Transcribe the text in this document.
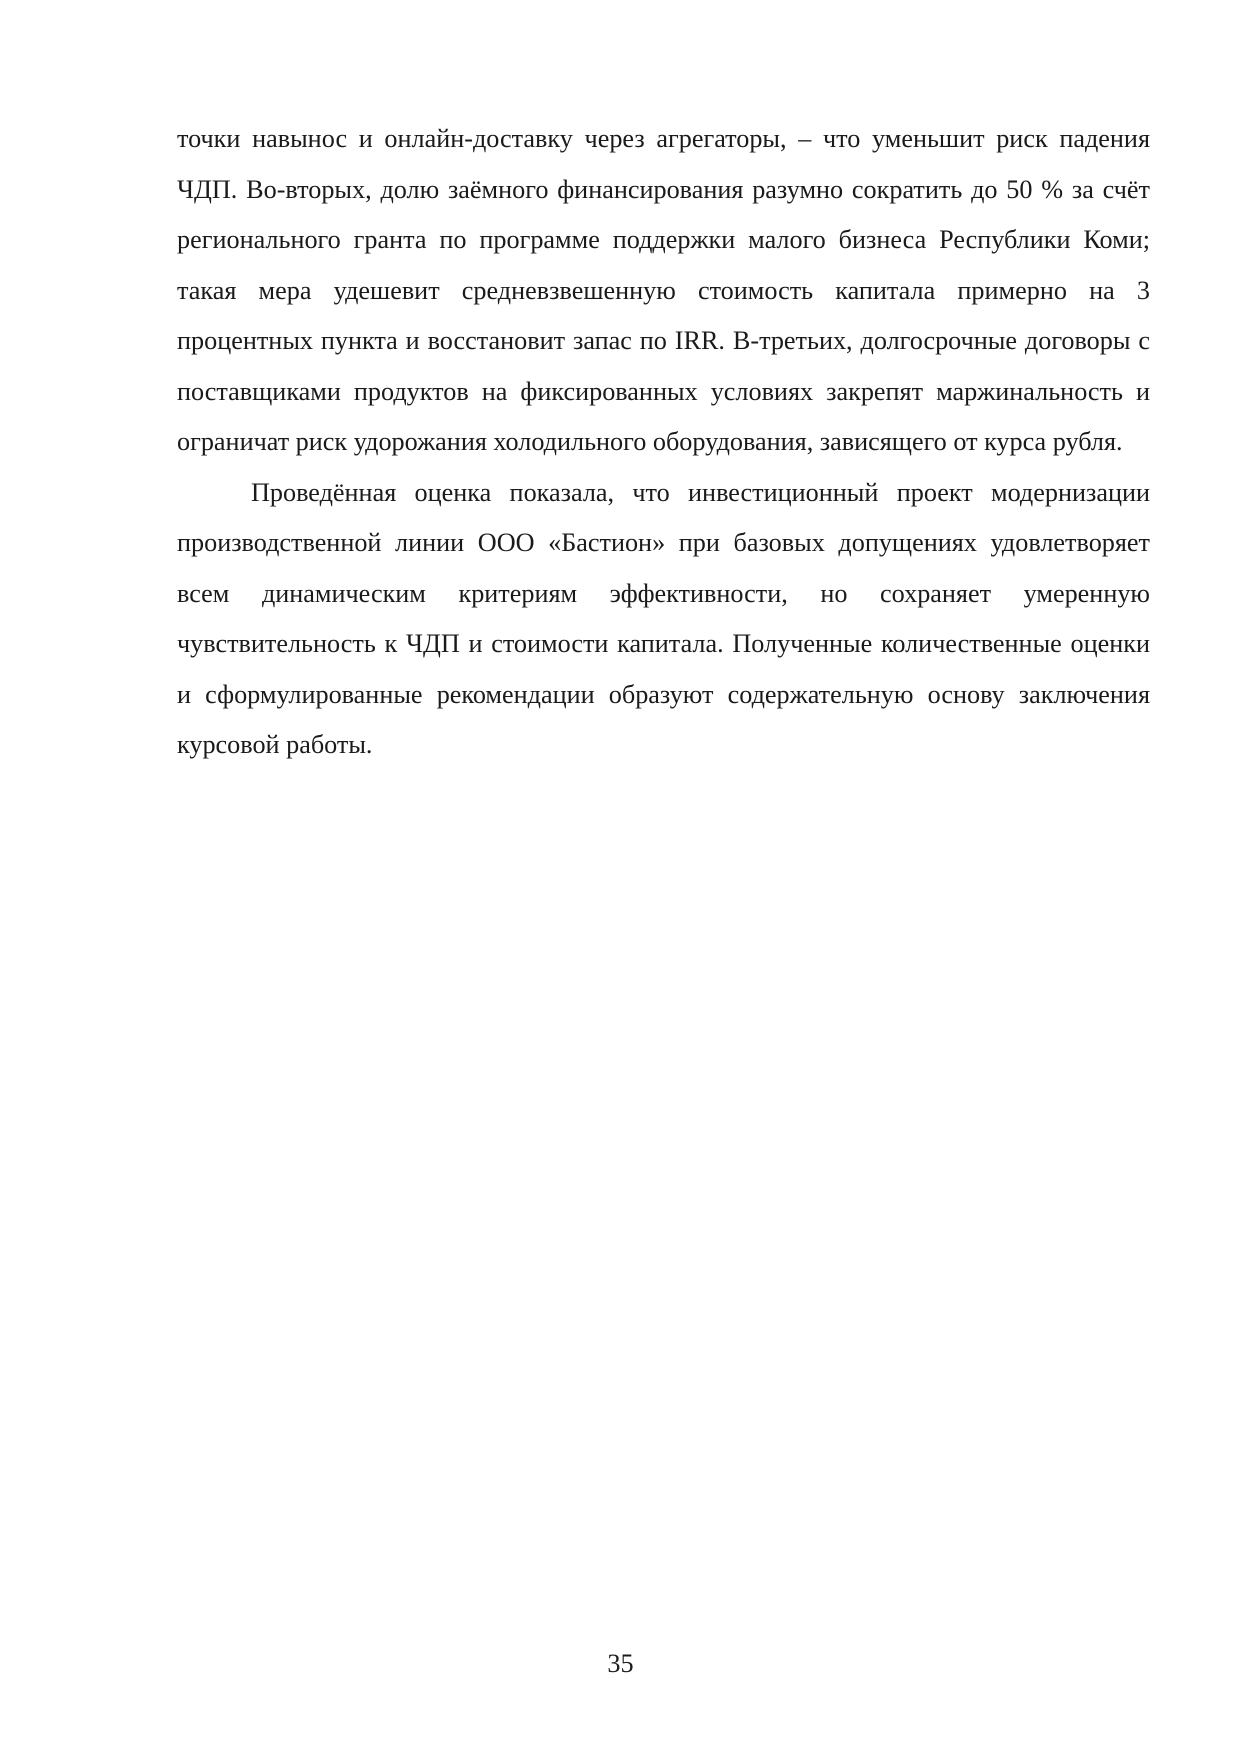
точки навынос и онлайн-доставку через агрегаторы, – что уменьшит риск падения ЧДП. Во-вторых, долю заёмного финансирования разумно сократить до 50 % за счёт регионального гранта по программе поддержки малого бизнеса Республики Коми; такая мера удешевит средневзвешенную стоимость капитала примерно на 3 процентных пункта и восстановит запас по IRR. В-третьих, долгосрочные договоры с поставщиками продуктов на фиксированных условиях закрепят маржинальность и ограничат риск удорожания холодильного оборудования, зависящего от курса рубля.

Проведённая оценка показала, что инвестиционный проект модернизации производственной линии ООО «Бастион» при базовых допущениях удовлетворяет всем динамическим критериям эффективности, но сохраняет умеренную чувствительность к ЧДП и стоимости капитала. Полученные количественные оценки и сформулированные рекомендации образуют содержательную основу заключения курсовой работы.

35
